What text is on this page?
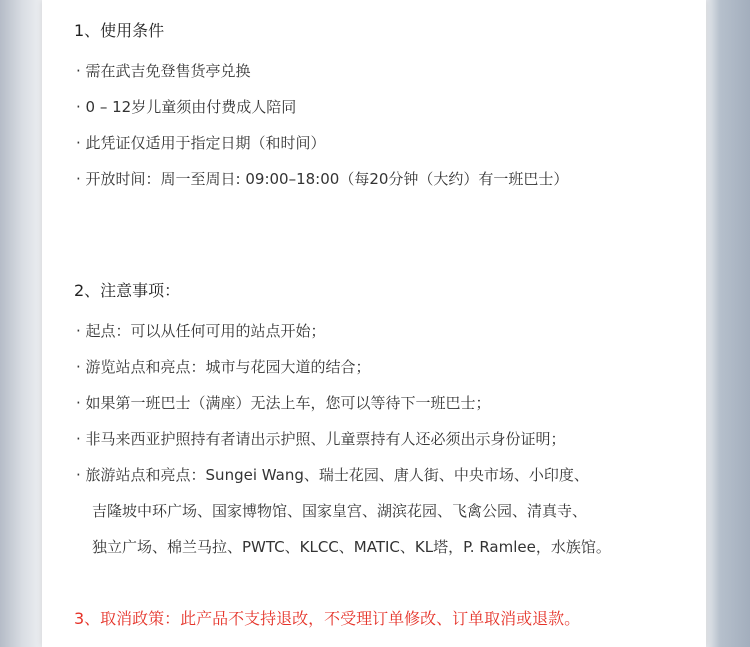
1、使用条件
· 需在武吉免登售货亭兑换
· 0 – 12岁儿童须由付费成人陪同
· 此凭证仅适用于指定日期（和时间）
· 开放时间：周一至周日: 09:00–18:00（每20分钟（大约）有一班巴士）
2、注意事项：
· 起点：可以从任何可用的站点开始；
· 游览站点和亮点：城市与花园大道的结合；
· 如果第一班巴士（满座）无法上车，您可以等待下一班巴士；
· 非马来西亚护照持有者请出示护照、儿童票持有人还必须出示身份证明；
· 旅游站点和亮点：Sungei Wang、瑞士花园、唐人街、中央市场、小印度、
吉隆坡中环广场、国家博物馆、国家皇宫、湖滨花园、飞禽公园、清真寺、
独立广场、棉兰马拉、PWTC、KLCC、MATIC、KL塔，P. Ramlee，水族馆。
3、取消政策：此产品不支持退改，不受理订单修改、订单取消或退款。
